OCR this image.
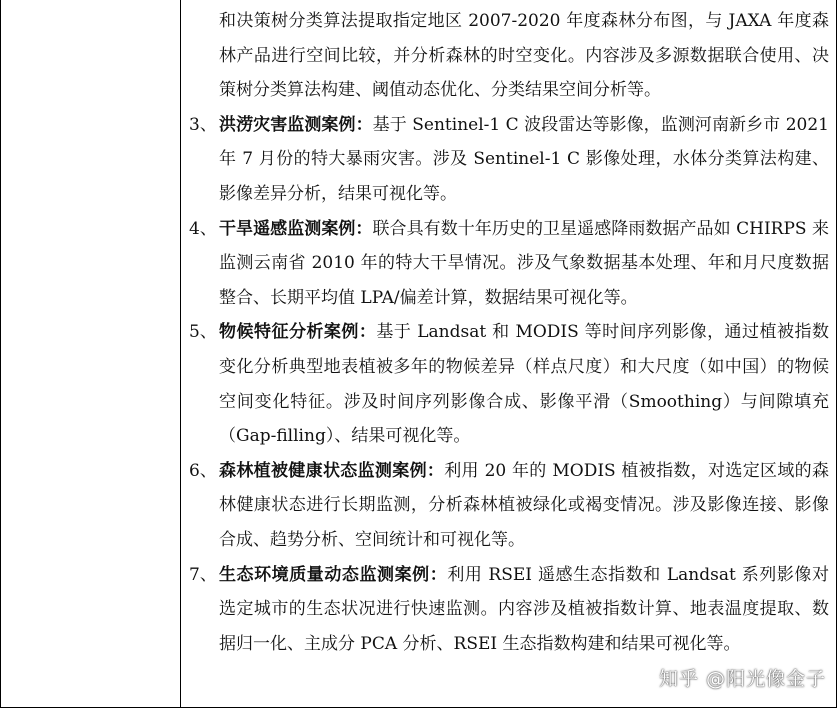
和决策树分类算法提取指定地区 2007-2020 年度森林分布图，与 JAXA 年度森林产品进行空间比较，并分析森林的时空变化。内容涉及多源数据联合使用、决策树分类算法构建、阈值动态优化、分类结果空间分析等。
3、 洪涝灾害监测案例：基于 Sentinel-1 C 波段雷达等影像，监测河南新乡市 2021 年 7 月份的特大暴雨灾害。涉及 Sentinel-1 C 影像处理，水体分类算法构建、影像差异分析，结果可视化等。
4、 干旱遥感监测案例：联合具有数十年历史的卫星遥感降雨数据产品如 CHIRPS 来监测云南省 2010 年的特大干旱情况。涉及气象数据基本处理、年和月尺度数据整合、长期平均值 LPA/偏差计算，数据结果可视化等。
5、 物候特征分析案例：基于 Landsat 和 MODIS 等时间序列影像，通过植被指数变化分析典型地表植被多年的物候差异（样点尺度）和大尺度（如中国）的物候空间变化特征。涉及时间序列影像合成、影像平滑（Smoothing）与间隙填充（Gap-filling）、结果可视化等。
6、 森林植被健康状态监测案例：利用 20 年的 MODIS 植被指数，对选定区域的森林健康状态进行长期监测，分析森林植被绿化或褐变情况。涉及影像连接、影像合成、趋势分析、空间统计和可视化等。
7、 生态环境质量动态监测案例：利用 RSEI 遥感生态指数和 Landsat 系列影像对选定城市的生态状况进行快速监测。内容涉及植被指数计算、地表温度提取、数据归一化、主成分 PCA 分析、RSEI 生态指数构建和结果可视化等。
知乎 @阳光像金子
